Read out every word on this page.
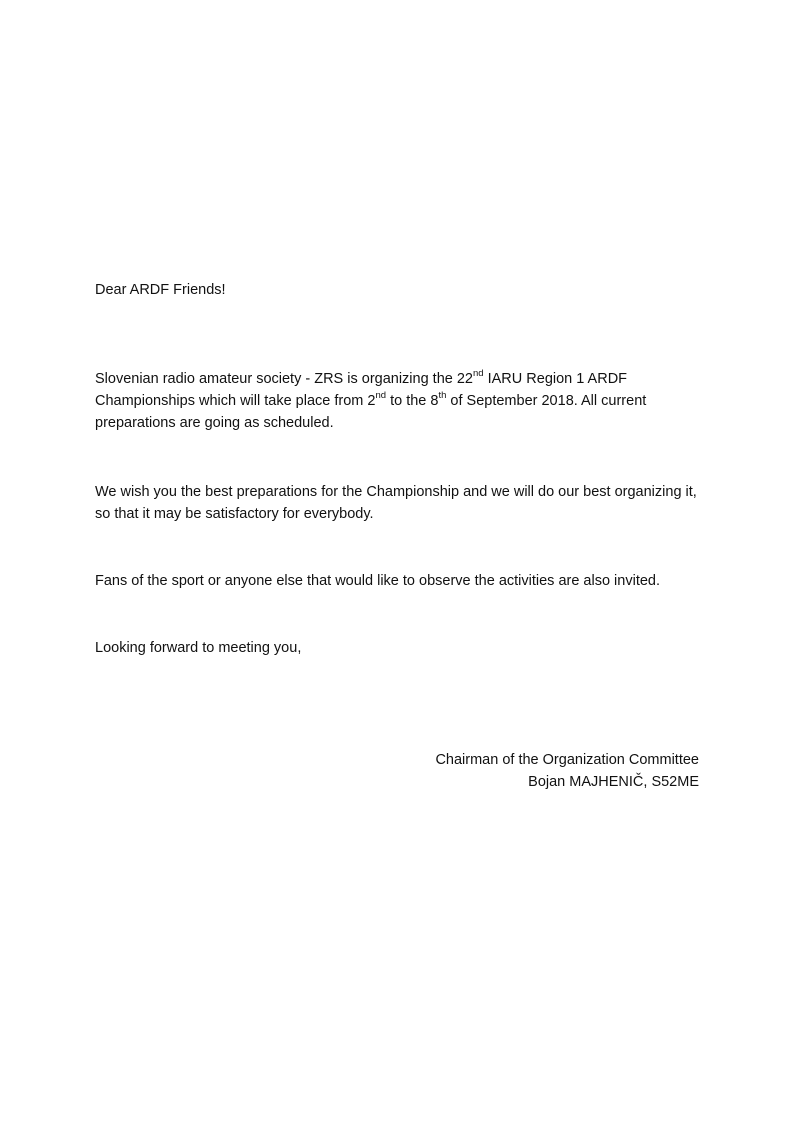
Dear ARDF Friends!

Slovenian radio amateur society - ZRS is organizing the 22nd IARU Region 1 ARDF Championships which will take place from 2nd to the 8th of September 2018. All current preparations are going as scheduled.

We wish you the best preparations for the Championship and we will do our best organizing it, so that it may be satisfactory for everybody.

Fans of the sport or anyone else that would like to observe the activities are also invited.

Looking forward to meeting you,

Chairman of the Organization Committee
Bojan MAJHENIČ, S52ME
